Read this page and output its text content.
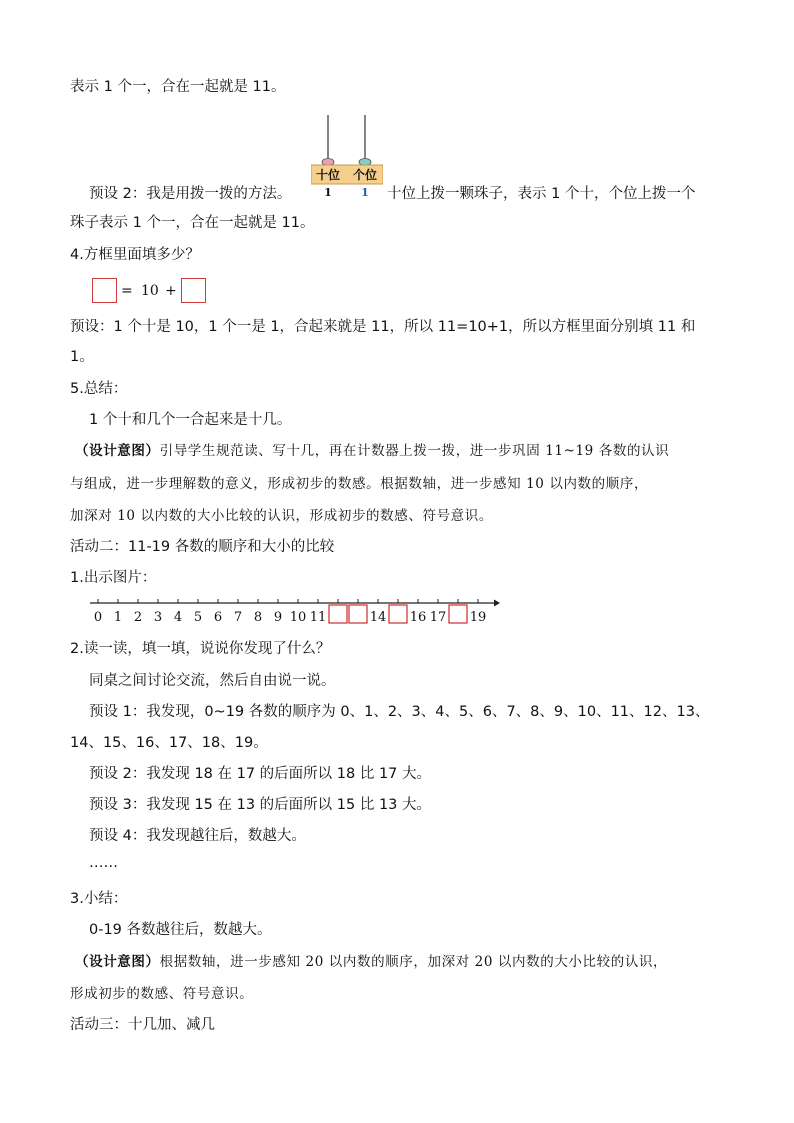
表示 1 个一，合在一起就是 11。
预设 2：我是用拨一拨的方法。
十位 个位
1	1 十位上拨一颗珠子，表示 1 个十，个位上拨一个
珠子表示 1 个一，合在一起就是 11。
4.方框里面填多少？
= 10 +
预设：1 个十是 10，1 个一是 1，合起来就是 11，所以 11=10+1，所以方框里面分别填 11 和
1。
5.总结：
1 个十和几个一合起来是十几。
（设计意图）引导学生规范读、写十几，再在计数器上拨一拨，进一步巩固 11~19 各数的认识
与组成，进一步理解数的意义，形成初步的数感。根据数轴，进一步感知 10 以内数的顺序，
加深对 10 以内数的大小比较的认识，形成初步的数感、符号意识。
活动二：11-19 各数的顺序和大小的比较
1.出示图片：
0 1 2 3 4 5 6 7 8 9 10 11	14 16 17 19
2.读一读，填一填，说说你发现了什么？
同桌之间讨论交流，然后自由说一说。
预设 1：我发现，0~19 各数的顺序为 0、1、2、3、4、5、6、7、8、9、10、11、12、13、
14、15、16、17、18、19。
预设 2：我发现 18 在 17 的后面所以 18 比 17 大。
预设 3：我发现 15 在 13 的后面所以 15 比 13 大。
预设 4：我发现越往后，数越大。
……
3.小结：
0-19 各数越往后，数越大。
（设计意图）根据数轴，进一步感知 20 以内数的顺序，加深对 20 以内数的大小比较的认识，
形成初步的数感、符号意识。
活动三：十几加、减几
